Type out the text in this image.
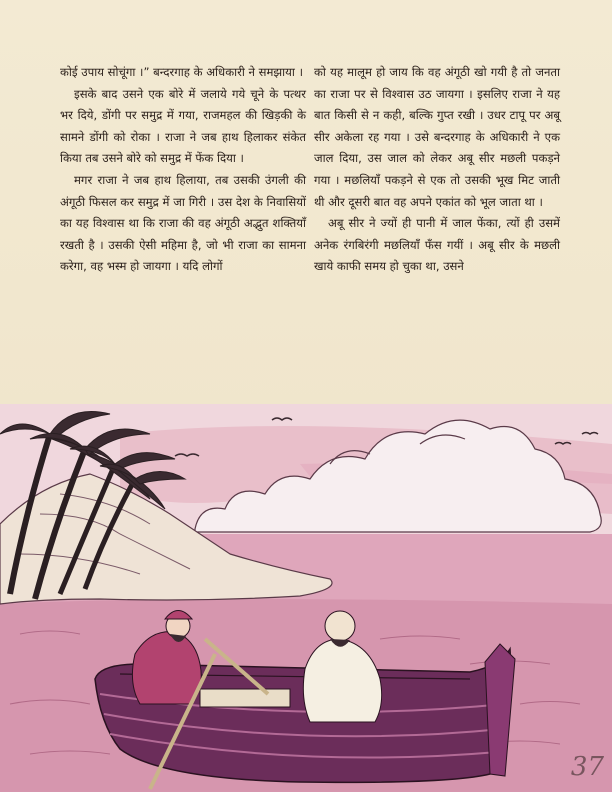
कोई उपाय सोचूंगा ।” बन्दरगाह के अधिकारी ने समझाया ।

इसके बाद उसने एक बोरे में जलाये गये चूने के पत्थर भर दिये, डोंगी पर समुद्र में गया, राजमहल की खिड़की के सामने डोंगी को रोका । राजा ने जब हाथ हिलाकर संकेत किया तब उसने बोरे को समुद्र में फेंक दिया ।

मगर राजा ने जब हाथ हिलाया, तब उसकी उंगली की अंगूठी फिसल कर समुद्र में जा गिरी । उस देश के निवासियों का यह विश्वास था कि राजा की वह अंगूठी अद्भुत शक्तियाँ रखती है । उसकी ऐसी महिमा है, जो भी राजा का सामना करेगा, वह भस्म हो जायगा । यदि लोगों

को यह मालूम हो जाय कि वह अंगूठी खो गयी है तो जनता का राजा पर से विश्वास उठ जायगा । इसलिए राजा ने यह बात किसी से न कही, बल्कि गुप्त रखी । उधर टापू पर अबू सीर अकेला रह गया । उसे बन्दरगाह के अधिकारी ने एक जाल दिया, उस जाल को लेकर अबू सीर मछली पकड़ने गया । मछलियाँ पकड़ने से एक तो उसकी भूख मिट जाती थी और दूसरी बात वह अपने एकांत को भूल जाता था ।

अबू सीर ने ज्यों ही पानी में जाल फेंका, त्यों ही उसमें अनेक रंगबिरंगी मछलियाँ फँस गयीं । अबू सीर के मछली खाये काफी समय हो चुका था, उसने

37
